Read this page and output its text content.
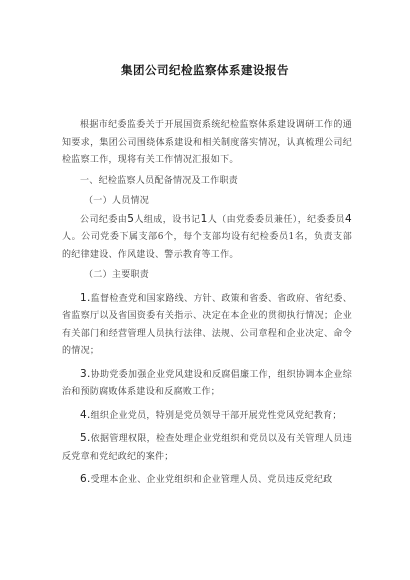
集团公司纪检监察体系建设报告

根据市纪委监委关于开展国资系统纪检监察体系建设调研工作的通知要求，集团公司围绕体系建设和相关制度落实情况，认真梳理公司纪检监察工作，现将有关工作情况汇报如下。

一、纪检监察人员配备情况及工作职责

（一）人员情况

公司纪委由5人组成，设书记1人（由党委委员兼任），纪委委员4人。公司党委下属支部6个，每个支部均设有纪检委员1名，负责支部的纪律建设、作风建设、警示教育等工作。

（二）主要职责

1.监督检查党和国家路线、方针、政策和省委、省政府、省纪委、省监察厅以及省国资委有关指示、决定在本企业的贯彻执行情况；企业有关部门和经营管理人员执行法律、法规、公司章程和企业决定、命令的情况；

3.协助党委加强企业党风建设和反腐倡廉工作，组织协调本企业综治和预防腐败体系建设和反腐败工作；

4.组织企业党员，特别是党员领导干部开展党性党风党纪教育；

5.依据管理权限，检查处理企业党组织和党员以及有关管理人员违反党章和党纪政纪的案件；

6.受理本企业、企业党组织和企业管理人员、党员违反党纪政
